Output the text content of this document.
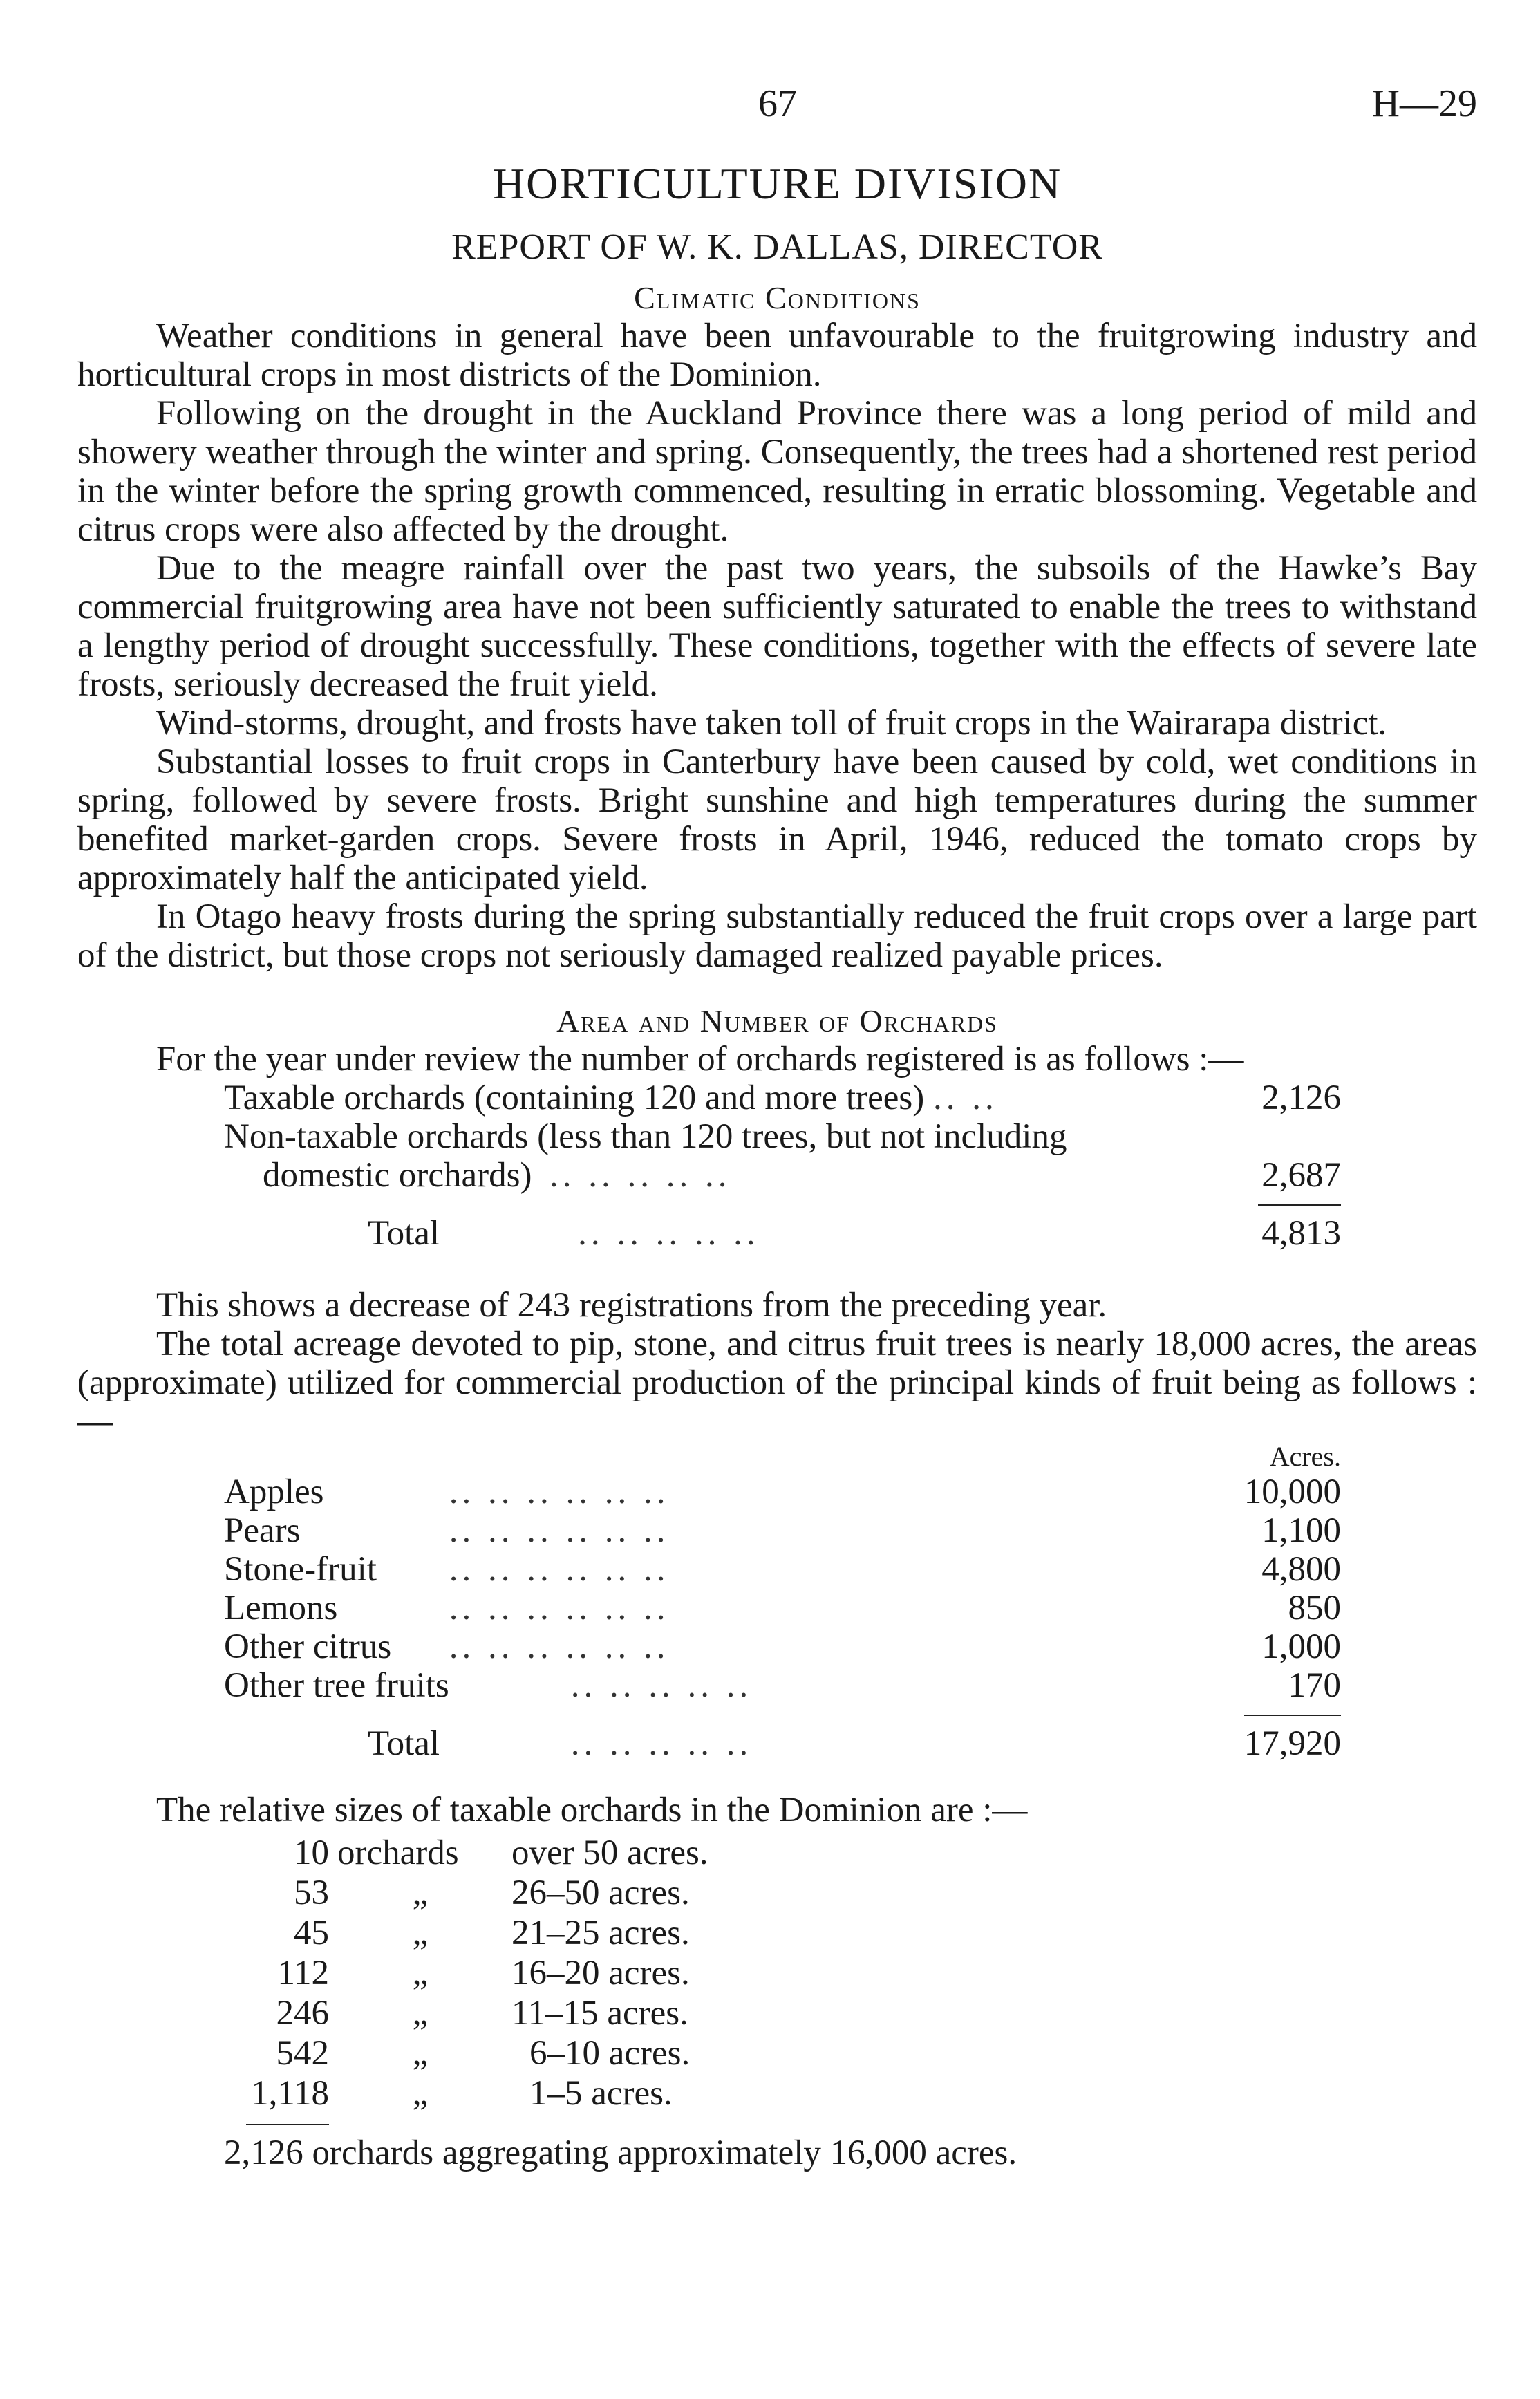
67	H—29
HORTICULTURE DIVISION
REPORT OF W. K. DALLAS, DIRECTOR
Climatic Conditions

Weather conditions in general have been unfavourable to the fruitgrowing industry and horticultural crops in most districts of the Dominion.

Following on the drought in the Auckland Province there was a long period of mild and showery weather through the winter and spring. Consequently, the trees had a shortened rest period in the winter before the spring growth commenced, resulting in erratic blossoming. Vegetable and citrus crops were also affected by the drought.

Due to the meagre rainfall over the past two years, the subsoils of the Hawke’s Bay commercial fruitgrowing area have not been sufficiently saturated to enable the trees to withstand a lengthy period of drought successfully. These conditions, together with the effects of severe late frosts, seriously decreased the fruit yield.

Wind-storms, drought, and frosts have taken toll of fruit crops in the Wairarapa district.

Substantial losses to fruit crops in Canterbury have been caused by cold, wet conditions in spring, followed by severe frosts. Bright sunshine and high temperatures during the summer benefited market-garden crops. Severe frosts in April, 1946, reduced the tomato crops by approximately half the anticipated yield.

In Otago heavy frosts during the spring substantially reduced the fruit crops over a large part of the district, but those crops not seriously damaged realized payable prices.

Area and Number of Orchards

For the year under review the number of orchards registered is as follows :—

Taxable orchards (containing 120 and more trees) .. ..	2,126
Non-taxable orchards (less than 120 trees, but not including	
domestic orchards) .. .. .. .. ..	2,687

Total .. .. .. .. ..	4,813

This shows a decrease of 243 registrations from the preceding year.

The total acreage devoted to pip, stone, and citrus fruit trees is nearly 18,000 acres, the areas (approximate) utilized for commercial production of the principal kinds of fruit being as follows :—

		Acres.
Apples	.. .. .. .. .. ..	10,000
Pears	.. .. .. .. .. ..	1,100
Stone-fruit	.. .. .. .. .. ..	4,800
Lemons	.. .. .. .. .. ..	850
Other citrus	.. .. .. .. .. ..	1,000
Other tree fruits	.. .. .. .. ..	170

Total	.. .. .. .. ..	17,920

The relative sizes of taxable orchards in the Dominion are :—

10	orchards	over 50 acres.
53	„	26–50 acres.
45	„	21–25 acres.
112	„	16–20 acres.
246	„	11–15 acres.
542	„	6–10 acres.
1,118	„	1–5 acres.

2,126 orchards aggregating approximately 16,000 acres.
